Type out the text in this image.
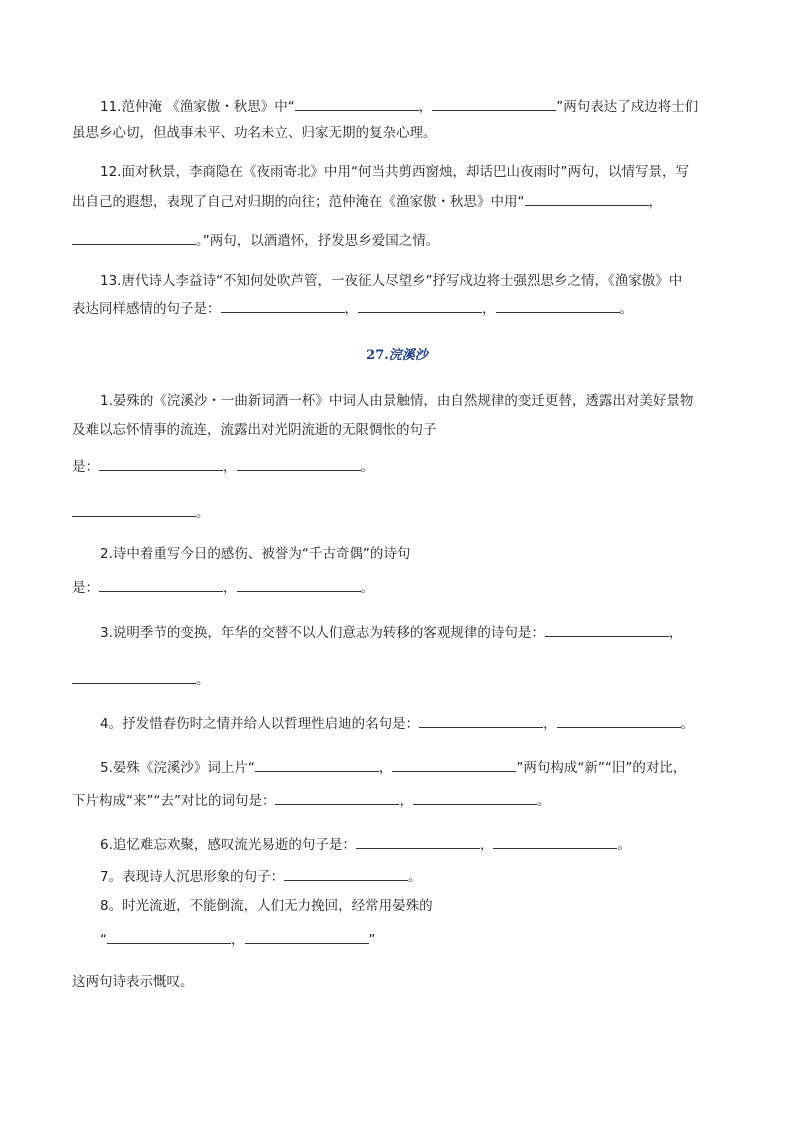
11.范仲淹 《渔家傲・秋思》中“	，	”两句表达了戍边将士们
虽思乡心切，但战事未平、功名未立、归家无期的复杂心理。
12.面对秋景，李商隐在《夜雨寄北》中用“何当共剪西窗烛，却话巴山夜雨时”两句，以情写景，写
出自己的遐想，表现了自己对归期的向往；范仲淹在《渔家傲・秋思》中用“	，
。”两句，以酒遣怀，抒发思乡爱国之情。
13.唐代诗人李益诗“不知何处吹芦管，一夜征人尽望乡”抒写戍边将士强烈思乡之情，《渔家傲》中
表达同样感情的句子是：	，	，	。
27.浣溪沙
1.晏殊的《浣溪沙・一曲新词酒一杯》中词人由景触情，由自然规律的变迁更替，透露出对美好景物
及难以忘怀情事的流连，流露出对光阴流逝的无限惆怅的句子
是：	，	。
。
2.诗中着重写今日的感伤、被誉为“千古奇偶”的诗句
是：	，	。
3.说明季节的变换，年华的交替不以人们意志为转移的客观规律的诗句是：	，
。
4。抒发惜春伤时之情并给人以哲理性启迪的名句是：	，	。
5.晏殊《浣溪沙》词上片“	，	”两句构成“新”“旧”的对比，
下片构成“来”“去”对比的词句是：	，	。
6.追忆难忘欢聚，感叹流光易逝的句子是：	，	。
7。表现诗人沉思形象的句子：	。
8。时光流逝，不能倒流，人们无力挽回，经常用晏殊的
“	，	”
这两句诗表示慨叹。
